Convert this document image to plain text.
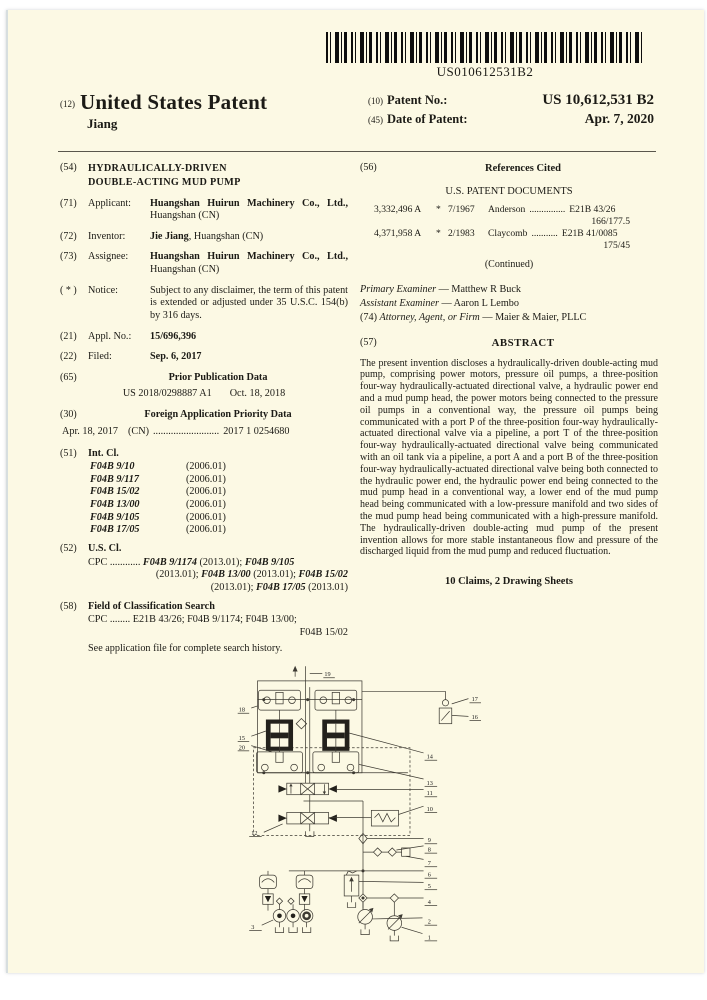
US010612531B2
(12) United States Patent
Jiang
(10) Patent No.:	US 10,612,531 B2
(45) Date of Patent:	Apr. 7, 2020
(54)	HYDRAULICALLY-DRIVEN
DOUBLE-ACTING MUD PUMP
(71)	Applicant:	Huangshan Huirun Machinery Co., Ltd., Huangshan (CN)
(72)	Inventor:	Jie Jiang, Huangshan (CN)
(73)	Assignee:	Huangshan Huirun Machinery Co., Ltd., Huangshan (CN)
( * )	Notice:	Subject to any disclaimer, the term of this patent is extended or adjusted under 35 U.S.C. 154(b) by 316 days.
(21)	Appl. No.:	15/696,396
(22)	Filed:	Sep. 6, 2017
(65)	Prior Publication Data
US 2018/0298887 A1 Oct. 18, 2018
(30)	Foreign Application Priority Data
Apr. 18, 2017 (CN) .......................... 2017 1 0254680
(51)	Int. Cl.
F04B 9/10	(2006.01)
F04B 9/117	(2006.01)
F04B 15/02	(2006.01)
F04B 13/00	(2006.01)
F04B 9/105	(2006.01)
F04B 17/05	(2006.01)
(52)	U.S. Cl.
CPC ............ F04B 9/1174 (2013.01); F04B 9/105
(2013.01); F04B 13/00 (2013.01); F04B 15/02
(2013.01); F04B 17/05 (2013.01)
(58)	Field of Classification Search
CPC ........ E21B 43/26; F04B 9/1174; F04B 13/00;
F04B 15/02
See application file for complete search history.
(56)	References Cited
U.S. PATENT DOCUMENTS
3,332,496 A	* 7/1967	Anderson ............... E21B 43/26
166/177.5
4,371,958 A	* 2/1983	Claycomb ........... E21B 41/0085
175/45
(Continued)
Primary Examiner — Matthew R Buck
Assistant Examiner — Aaron L Lembo
(74) Attorney, Agent, or Firm — Maier & Maier, PLLC
(57)	ABSTRACT
The present invention discloses a hydraulically-driven double-acting mud pump, comprising power motors, pressure oil pumps, a three-position four-way hydraulically-actuated directional valve, a hydraulic power end and a mud pump head, the power motors being connected to the pressure oil pumps in a conventional way, the pressure oil pumps being communicated with a port P of the three-position four-way hydraulically-actuated directional valve via a pipeline, a port T of the three-position four-way hydraulically-actuated directional valve being communicated with an oil tank via a pipeline, a port A and a port B of the three-position four-way hydraulically-actuated directional valve being both connected to the hydraulic power end, the hydraulic power end being connected to the mud pump head in a conventional way, a lower end of the mud pump head being communicated with a low-pressure manifold and two sides of the mud pump head being communicated with a high-pressure manifold. The hydraulically-driven double-acting mud pump of the present invention allows for more stable instantaneous flow and pressure of the discharged liquid from the mud pump and reduced fluctuation.
10 Claims, 2 Drawing Sheets
19
18
15
20
12
3
17
16
14
13
11
10
9
8
7
6
5
4
2
1
